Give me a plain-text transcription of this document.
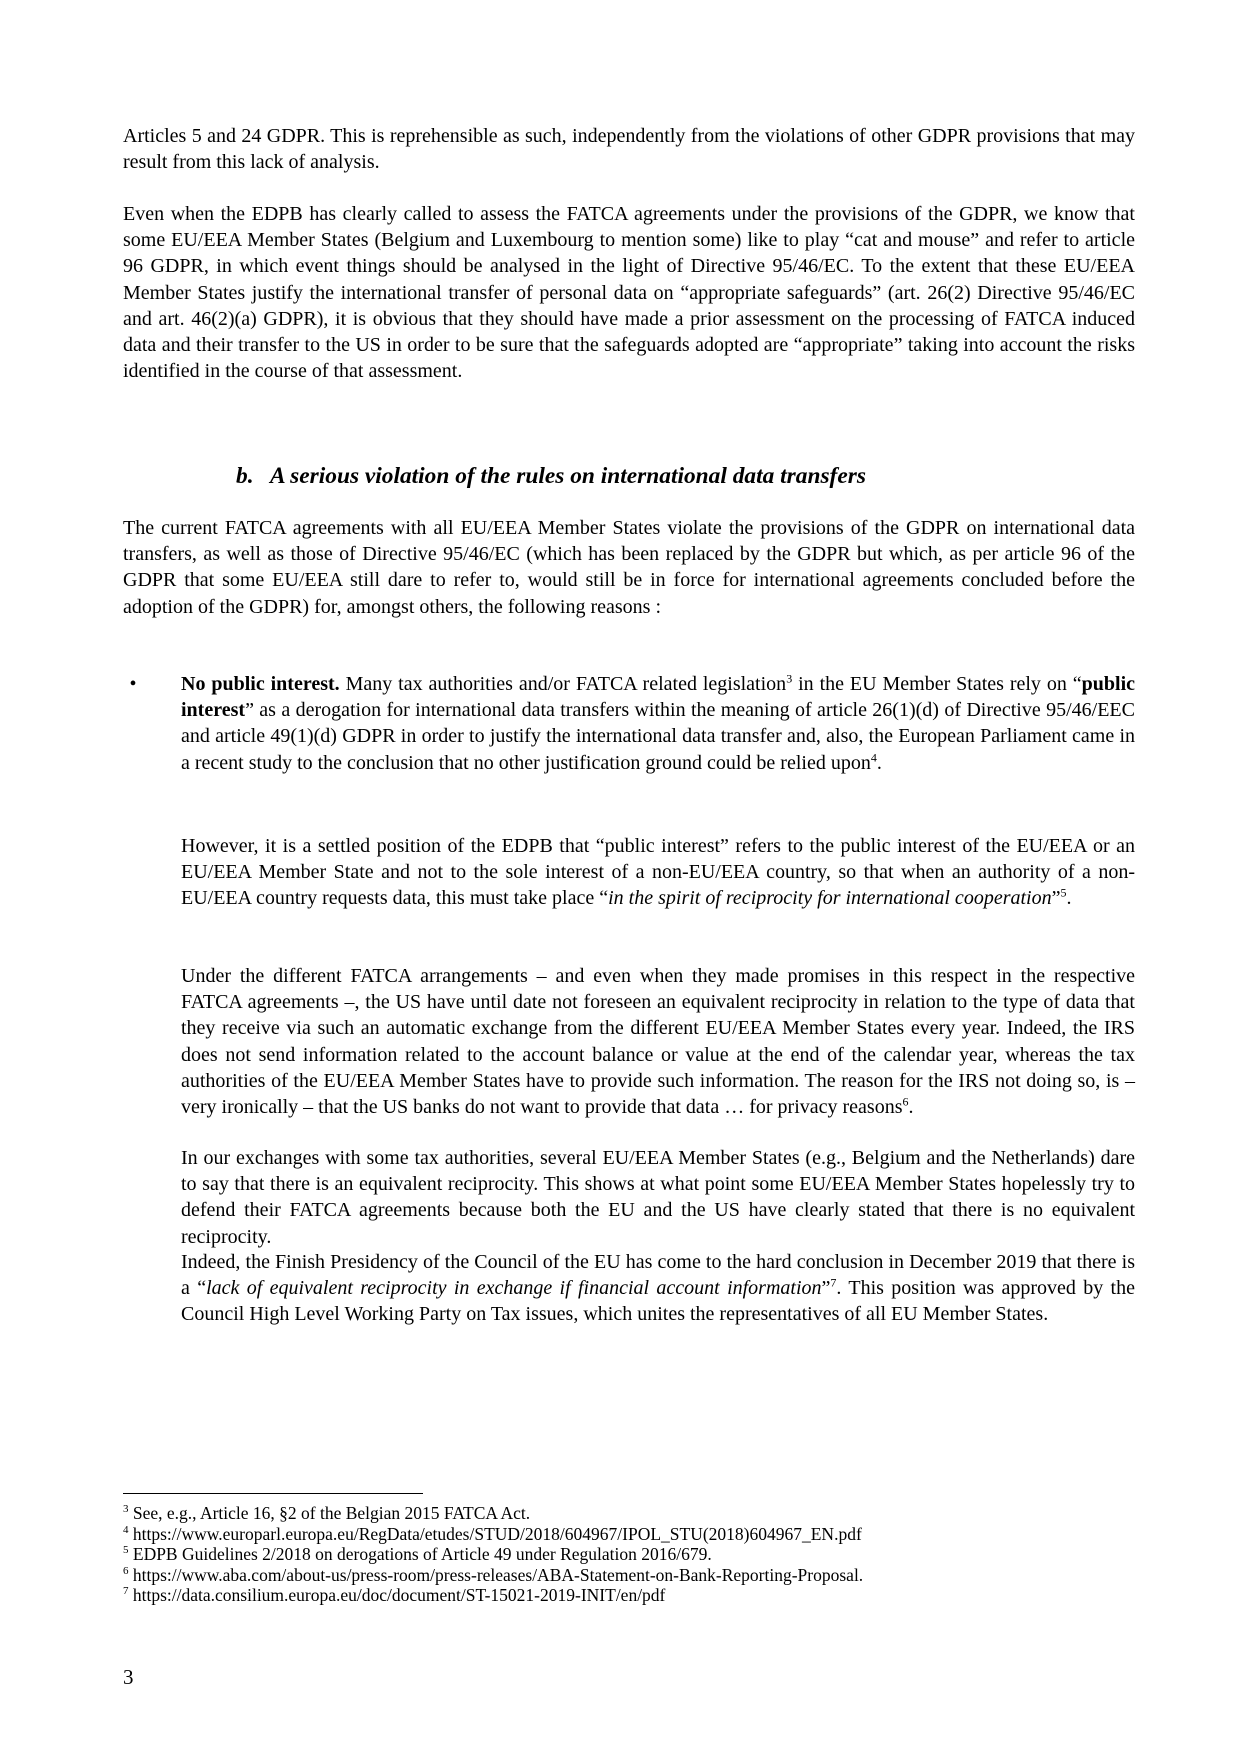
Articles 5 and 24 GDPR. This is reprehensible as such, independently from the violations of other GDPR provisions that may result from this lack of analysis.

Even when the EDPB has clearly called to assess the FATCA agreements under the provisions of the GDPR, we know that some EU/EEA Member States (Belgium and Luxembourg to mention some) like to play “cat and mouse” and refer to article 96 GDPR, in which event things should be analysed in the light of Directive 95/46/EC. To the extent that these EU/EEA Member States justify the international transfer of personal data on “appropriate safeguards” (art. 26(2) Directive 95/46/EC and art. 46(2)(a) GDPR), it is obvious that they should have made a prior assessment on the processing of FATCA induced data and their transfer to the US in order to be sure that the safeguards adopted are “appropriate” taking into account the risks identified in the course of that assessment.

b. A serious violation of the rules on international data transfers

The current FATCA agreements with all EU/EEA Member States violate the provisions of the GDPR on international data transfers, as well as those of Directive 95/46/EC (which has been replaced by the GDPR but which, as per article 96 of the GDPR that some EU/EEA still dare to refer to, would still be in force for international agreements concluded before the adoption of the GDPR) for, amongst others, the following reasons :

•	No public interest. Many tax authorities and/or FATCA related legislation$^3$ in the EU Member States rely on “public interest” as a derogation for international data transfers within the meaning of article 26(1)(d) of Directive 95/46/EEC and article 49(1)(d) GDPR in order to justify the international data transfer and, also, the European Parliament came in a recent study to the conclusion that no other justification ground could be relied upon$^4$.

However, it is a settled position of the EDPB that “public interest” refers to the public interest of the EU/EEA or an EU/EEA Member State and not to the sole interest of a non-EU/EEA country, so that when an authority of a non-EU/EEA country requests data, this must take place “in the spirit of reciprocity for international cooperation”$^5$.

Under the different FATCA arrangements – and even when they made promises in this respect in the respective FATCA agreements –, the US have until date not foreseen an equivalent reciprocity in relation to the type of data that they receive via such an automatic exchange from the different EU/EEA Member States every year. Indeed, the IRS does not send information related to the account balance or value at the end of the calendar year, whereas the tax authorities of the EU/EEA Member States have to provide such information. The reason for the IRS not doing so, is – very ironically – that the US banks do not want to provide that data … for privacy reasons$^6$.

In our exchanges with some tax authorities, several EU/EEA Member States (e.g., Belgium and the Netherlands) dare to say that there is an equivalent reciprocity. This shows at what point some EU/EEA Member States hopelessly try to defend their FATCA agreements because both the EU and the US have clearly stated that there is no equivalent reciprocity.

Indeed, the Finish Presidency of the Council of the EU has come to the hard conclusion in December 2019 that there is a “lack of equivalent reciprocity in exchange if financial account information”$^7$. This position was approved by the Council High Level Working Party on Tax issues, which unites the representatives of all EU Member States.

$^3$ See, e.g., Article 16, §2 of the Belgian 2015 FATCA Act.
$^4$ https://www.europarl.europa.eu/RegData/etudes/STUD/2018/604967/IPOL_STU(2018)604967_EN.pdf
$^5$ EDPB Guidelines 2/2018 on derogations of Article 49 under Regulation 2016/679.
$^6$ https://www.aba.com/about-us/press-room/press-releases/ABA-Statement-on-Bank-Reporting-Proposal.
$^7$ https://data.consilium.europa.eu/doc/document/ST-15021-2019-INIT/en/pdf
3
